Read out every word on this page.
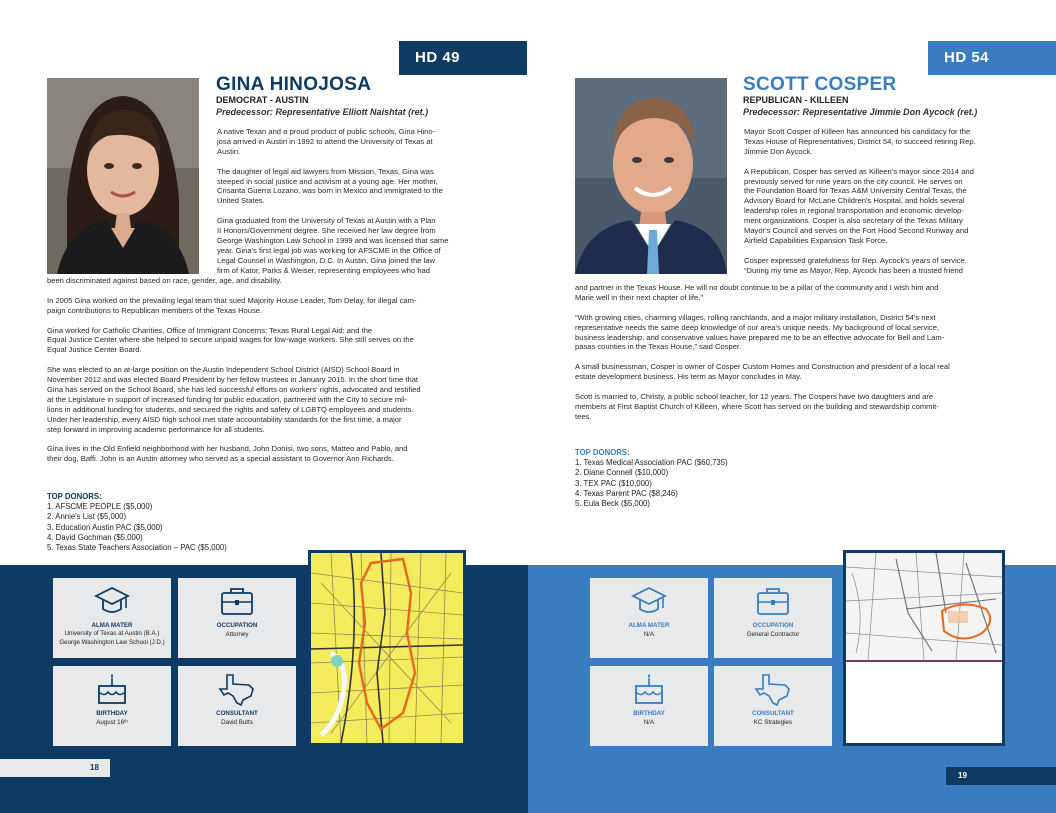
HD 49
GINA HINOJOSA
DEMOCRAT - AUSTIN
Predecessor: Representative Elliott Naishtat (ret.)
A native Texan and a proud product of public schools, Gina Hino-
josa arrived in Austin in 1992 to attend the University of Texas at
Austin.

The daughter of legal aid lawyers from Mission, Texas, Gina was
steeped in social justice and activism at a young age. Her mother,
Crisanta Guerra Lozano, was born in Mexico and immigrated to the
United States.

Gina graduated from the University of Texas at Austin with a Plan
II Honors/Government degree. She received her law degree from
George Washington Law School in 1999 and was licensed that same
year. Gina's first legal job was working for AFSCME in the Office of
Legal Counsel in Washington, D.C. In Austin, Gina joined the law
firm of Kator, Parks & Weiser, representing employees who had
been discriminated against based on race, gender, age, and disability.

In 2005 Gina worked on the prevailing legal team that sued Majority House Leader, Tom Delay, for illegal cam-
paign contributions to Republican members of the Texas House.

Gina worked for Catholic Charities, Office of Immigrant Concerns; Texas Rural Legal Aid; and the
Equal Justice Center where she helped to secure unpaid wages for low-wage workers. She still serves on the
Equal Justice Center Board.

She was elected to an at-large position on the Austin Independent School District (AISD) School Board in
November 2012 and was elected Board President by her fellow trustees in January 2015. In the short time that
Gina has served on the School Board, she has led successful efforts on workers' rights, advocated and testified
at the Legislature in support of increased funding for public education, partnered with the City to secure mil-
lions in additional funding for students, and secured the rights and safety of LGBTQ employees and students.
Under her leadership, every AISD high school met state accountability standards for the first time, a major
step forward in improving academic performance for all students.

Gina lives in the Old Enfield neighborhood with her husband, John Donisi, two sons, Matteo and Pablo, and
their dog, Baffi. John is an Austin attorney who served as a special assistant to Governor Ann Richards.
TOP DONORS:
1. AFSCME PEOPLE ($5,000)
2. Annie's List ($5,000)
3. Education Austin PAC ($5,000)
4. David Gochman ($5,000)
5. Texas State Teachers Association – PAC ($5,000)
ALMA MATER
University of Texas at Austin (B.A.)
George Washington Law School (J.D.)
OCCUPATION
Attorney
BIRTHDAY
August 16ᵗʰ
CONSULTANT
David Butts
18
HD 54
SCOTT COSPER
REPUBLICAN - KILLEEN
Predecessor: Representative Jimmie Don Aycock (ret.)
Mayor Scott Cosper of Killeen has announced his candidacy for the
Texas House of Representatives, District 54, to succeed retiring Rep.
Jimmie Don Aycock.

A Republican, Cosper has served as Killeen's mayor since 2014 and
previously served for nine years on the city council. He serves on
the Foundation Board for Texas A&M University Central Texas, the
Advisory Board for McLane Children's Hospital, and holds several
leadership roles in regional transportation and economic develop-
ment organizations. Cosper is also secretary of the Texas Military
Mayor's Council and serves on the Fort Hood Second Runway and
Airfield Capabilities Expansion Task Force.

Cosper expressed gratefulness for Rep. Aycock's years of service.
“During my time as Mayor, Rep. Aycock has been a trusted friend
and partner in the Texas House. He will no doubt continue to be a pillar of the community and I wish him and
Marie well in their next chapter of life.”

“With growing cities, charming villages, rolling ranchlands, and a major military installation, District 54's next
representative needs the same deep knowledge of our area's unique needs. My background of local service,
business leadership, and conservative values have prepared me to be an effective advocate for Bell and Lam-
pasas counties in the Texas House,” said Cosper.

A small businessman, Cosper is owner of Cosper Custom Homes and Construction and president of a local real
estate development business. His term as Mayor concludes in May.

Scott is married to, Christy, a public school teacher, for 12 years. The Cospers have two daughters and are
members at First Baptist Church of Killeen, where Scott has served on the building and stewardship commit-
tees.
TOP DONORS:
1. Texas Medical Association PAC ($60,735)
2. Diane Connell ($10,000)
3. TEX PAC ($10,000)
4. Texas Parent PAC ($8,246)
5. Eula Beck ($5,000)
ALMA MATER
N/A
OCCUPATION
General Contractor
BIRTHDAY
N/A
CONSULTANT
KC Strategies
19
